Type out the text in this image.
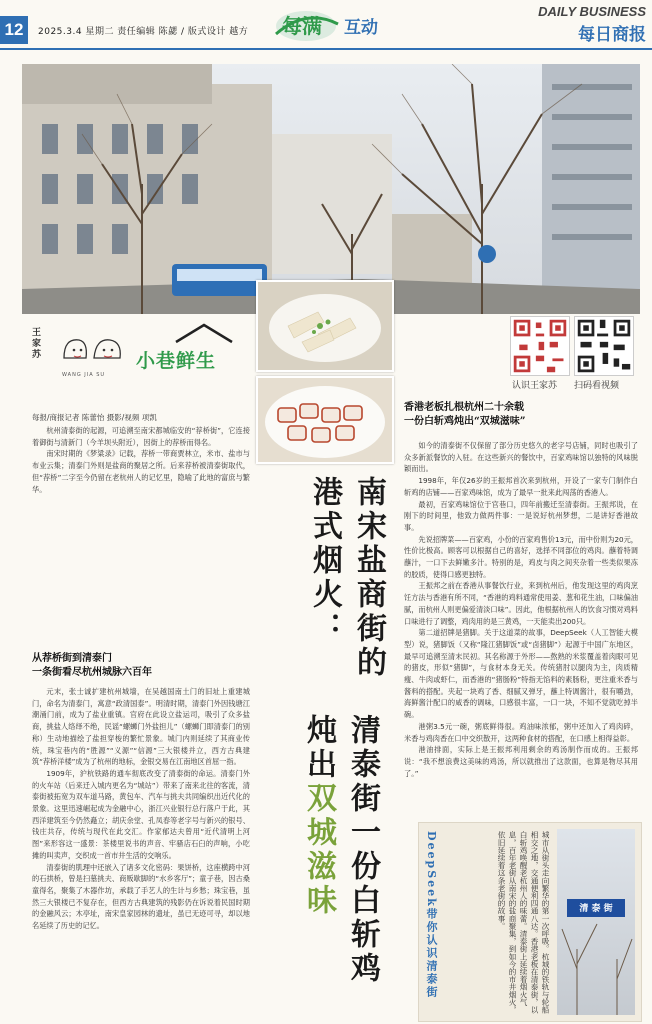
12	2025.3.4 星期二 责任编辑 陈勰 / 版式设计 越方 每满 互动
DAILY BUSINESS
每日商报
认识王家苏 扫码看视频
王家苏
WANG JIA SU
小巷鲜生
每报/商报记者 陈蕾怡 摄影/视频 项凯

杭州清泰街的起源，可追溯至南宋都城临安的“荐桥街”，它连接着御街与清新门（今羊坝头附近），因街上的荐桥而得名。

南宋时期的《梦粱录》记载，荐桥一带商贾林立，米市、盐市与布业云集；清泰门外则是盐商的聚居之所。后来荐桥被清泰街取代，但“荐桥”二字至今仍留在老杭州人的记忆里，隐喻了此地的富庶与繁华。

清泰街一份白斩鸡炖出双城滋味
南宋盐商街的港式烟火：
从荐桥街到清泰门
一条街看尽杭州城脉六百年

元末，张士诚扩建杭州城墙，在吴越国南土门的旧址上重建城门，命名为清泰门，寓意“政清国泰”。明清时期，清泰门外因钱塘江潮涌门前，成为了盐业重镇。官府在此设立盐运司，吸引了众多盐商，挑盐人络绎不绝，民谣“螺蛳门外盐担儿”（螺蛳门即清泰门的别称）生动地描绘了盐担穿梭的繁忙景象。城门内则延续了其商业传统，珠宝巷内的“胜源”“义源”“信源”三大银楼并立，西方古典建筑“荐桥洋楼”成为了杭州的地标，金银交易在江南地区首屈一指。

1909年，沪杭铁路的通车彻底改变了清泰街的命运。清泰门外的火车站（后来迁入城内更名为“城站”）带来了南来北往的客流，清泰街被拓宽为双车道马路，黄包车、汽车与挑夫共同编织出近代化的景象。这里迅速崛起成为金融中心，浙江兴业银行总行落户于此，其西洋建筑至今仍然矗立；胡庆余堂、孔凤春等老字号与新兴的银号、钱庄共存，传统与现代在此交汇。作家郁达夫曾用“近代清明上河图”来形容这一盛景：茶楼里说书的声音、牢骚店石臼的声响，小吃摊的叫卖声，交织成一首市井生活的交响乐。

清泰街的肌理中还嵌入了诸多文化密码：果饼桥，这座横跨中河的石拱桥，曾是扫墓挑夫、商贩歇脚的“水乡客厅”；童子巷，因古桑童得名，聚集了木器作坊，承载了手艺人的生计与乡愁；珠宝巷，虽然三大银楼已不复存在，但西方古典建筑的残影仍在诉说着民国时期的金融风云；木亭址，南宋皇家园林的遗址，虽已无迹可寻，却以地名延续了历史的记忆。

香港老板扎根杭州二十余载
一份白斩鸡炖出“双城滋味”

如今的清泰街不仅保留了部分历史悠久的老字号店铺，同时也吸引了众多新派餐饮的入驻。在这些新兴的餐饮中，百家鸡味馆以独特的风味脱颖而出。

1998年，年仅26岁的王振邦首次来到杭州，开设了一家专门制作白斩鸡的店铺——百家鸡味馆，成为了最早一批来此闯荡的香港人。

最初，百家鸡味馆位于官巷口，四年前搬迁至清泰街。王振邦说，在刚下的时间里，他致力做两件事：一是说好杭州梦想，二是讲好香港故事。

先说招牌菜——百家鸡，小份的百家鸡售价13元，而中份则为20元，性价比极高。顾客可以根据自己的喜好，选择不同部位的鸡肉。蘸着特调蘸汁，一口下去鲜嫩多汁。特别的是，鸡皮与肉之间夹杂着一些类似果冻的胶质，使得口感更独特。

王振邦之前在香港从事餐饮行业，来到杭州后，他发现这里的鸡肉烹饪方法与香港有所不同，“香港的鸡料通常使用姜、葱和花生油，口味偏油腻，而杭州人则更偏爱清淡口味”。因此，他根据杭州人的饮食习惯对鸡料口味进行了调整，鸡肉用的是三黄鸡，一天能卖出200只。

第二道招牌是猪脚。关于这道菜的故事，DeepSeek（人工智能大模型）说，猪脚饭（又称“隆江猪脚饭”或“卤猪脚”）起源于中国广东地区，最早可追溯至清末民初。其名称源于外形——熬熟的米浆覆盖着肉眼可见的猪皮，形似“猪脚”，与食材本身无关。传统猪肘以腿肉为主，肉质精瘦、牛肉或虾仁，而香港的“猪肠粉”特指无馅料的素肠粉，更注重米香与酱料的搭配。夹起一块鸡了香、细腻又弹牙，蘸上特调酱汁，很有嚼劲，海鲜酱汁配口的咸香的调味，口感很丰富，一口一块，不知不觉就吃掉半碗。

港粥3.5元一碗，粥底鲜得很。鸡油味浓郁，粥中还加入了鸡肉碎，米香与鸡肉香在口中交织散开，这两种食材的搭配，在口感上相得益彰。

港油排面，实际上是王振邦利用剩余的鸡汤制作而成的。王振邦说：“我不想浪费这美味的鸡汤，所以就推出了这款面，也算是物尽其用了。”

DeepSeek带你认识清泰街	城市从街头走向繁华的第一次呼吸。杭城的铁轨与轮船相交之地，交通便利四通八达。香港老板在清泰街，以白斩鸡唤醒老杭州人的味蕾。清泰街上延续着烟火气息，百年老街从南宋的盐商聚集，到如今的市井烟火，依旧延续着这条老街的故事。	清 泰 街
